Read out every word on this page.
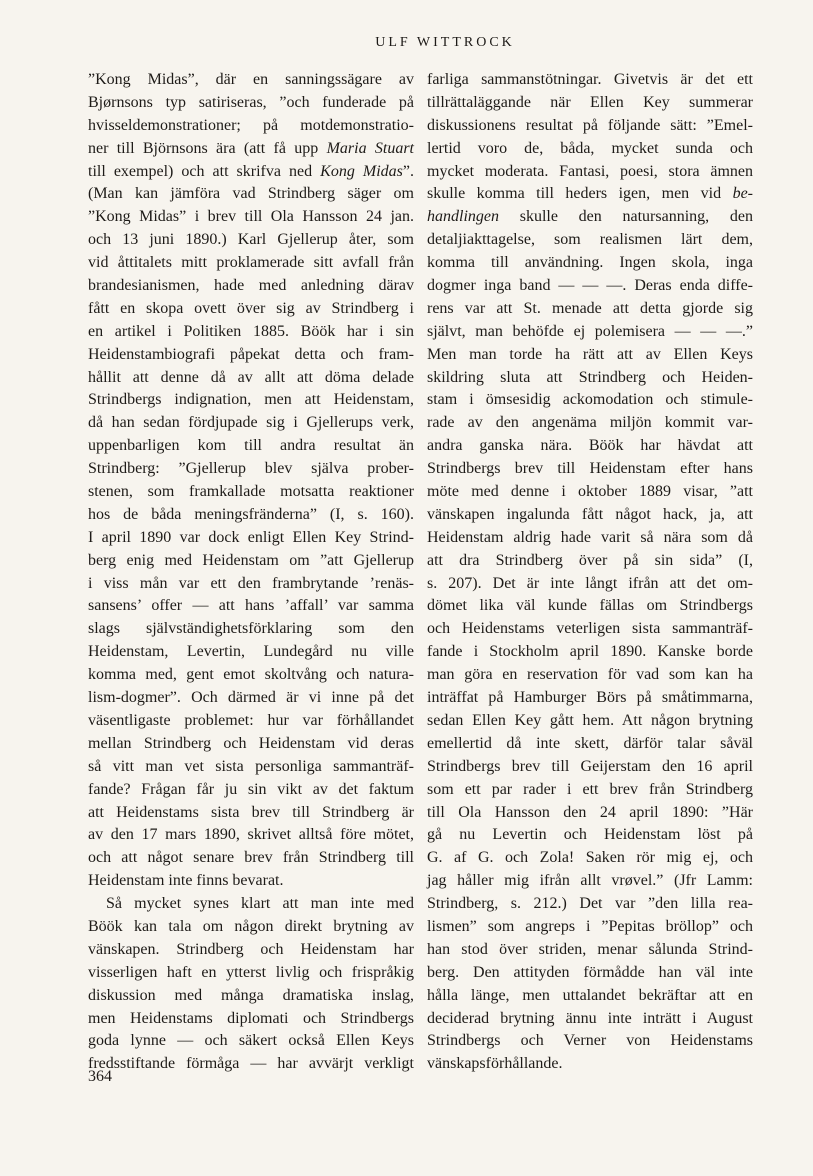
ULF WITTROCK
”Kong Midas”, där en sanningssägare av
Bjørnsons typ satiriseras, ”och funderade på
hvisseldemonstrationer; på motdemonstratio-
ner till Björnsons ära (att få upp Maria Stuart
till exempel) och att skrifva ned Kong Midas”.
(Man kan jämföra vad Strindberg säger om
”Kong Midas” i brev till Ola Hansson 24 jan.
och 13 juni 1890.) Karl Gjellerup åter, som
vid åttitalets mitt proklamerade sitt avfall från
brandesianismen, hade med anledning därav
fått en skopa ovett över sig av Strindberg i
en artikel i Politiken 1885. Böök har i sin
Heidenstambiografi påpekat detta och fram-
hållit att denne då av allt att döma delade
Strindbergs indignation, men att Heidenstam,
då han sedan fördjupade sig i Gjellerups verk,
uppenbarligen kom till andra resultat än
Strindberg: ”Gjellerup blev själva prober-
stenen, som framkallade motsatta reaktioner
hos de båda meningsfränderna” (I, s. 160).
I april 1890 var dock enligt Ellen Key Strind-
berg enig med Heidenstam om ”att Gjellerup
i viss mån var ett den frambrytande ’renäs-
sansens’ offer — att hans ’affall’ var samma
slags självständighetsförklaring som den
Heidenstam, Levertin, Lundegård nu ville
komma med, gent emot skoltvång och natura-
lism-dogmer”. Och därmed är vi inne på det
väsentligaste problemet: hur var förhållandet
mellan Strindberg och Heidenstam vid deras
så vitt man vet sista personliga sammanträf-
fande? Frågan får ju sin vikt av det faktum
att Heidenstams sista brev till Strindberg är
av den 17 mars 1890, skrivet alltså före mötet,
och att något senare brev från Strindberg till
Heidenstam inte finns bevarat.
Så mycket synes klart att man inte med
Böök kan tala om någon direkt brytning av
vänskapen. Strindberg och Heidenstam har
visserligen haft en ytterst livlig och frispråkig
diskussion med många dramatiska inslag,
men Heidenstams diplomati och Strindbergs
goda lynne — och säkert också Ellen Keys
fredsstiftande förmåga — har avvärjt verkligt
farliga sammanstötningar. Givetvis är det ett
tillrättaläggande när Ellen Key summerar
diskussionens resultat på följande sätt: ”Emel-
lertid voro de, båda, mycket sunda och
mycket moderata. Fantasi, poesi, stora ämnen
skulle komma till heders igen, men vid be-
handlingen skulle den natursanning, den
detaljiakttagelse, som realismen lärt dem,
komma till användning. Ingen skola, inga
dogmer inga band — — —. Deras enda diffe-
rens var att St. menade att detta gjorde sig
självt, man behöfde ej polemisera — — —.”
Men man torde ha rätt att av Ellen Keys
skildring sluta att Strindberg och Heiden-
stam i ömsesidig ackomodation och stimule-
rade av den angenäma miljön kommit var-
andra ganska nära. Böök har hävdat att
Strindbergs brev till Heidenstam efter hans
möte med denne i oktober 1889 visar, ”att
vänskapen ingalunda fått något hack, ja, att
Heidenstam aldrig hade varit så nära som då
att dra Strindberg över på sin sida” (I,
s. 207). Det är inte långt ifrån att det om-
dömet lika väl kunde fällas om Strindbergs
och Heidenstams veterligen sista sammanträf-
fande i Stockholm april 1890. Kanske borde
man göra en reservation för vad som kan ha
inträffat på Hamburger Börs på småtimmarna,
sedan Ellen Key gått hem. Att någon brytning
emellertid då inte skett, därför talar såväl
Strindbergs brev till Geijerstam den 16 april
som ett par rader i ett brev från Strindberg
till Ola Hansson den 24 april 1890: ”Här
gå nu Levertin och Heidenstam löst på
G. af G. och Zola! Saken rör mig ej, och
jag håller mig ifrån allt vrøvel.” (Jfr Lamm:
Strindberg, s. 212.) Det var ”den lilla rea-
lismen” som angreps i ”Pepitas bröllop” och
han stod över striden, menar sålunda Strind-
berg. Den attityden förmådde han väl inte
hålla länge, men uttalandet bekräftar att en
deciderad brytning ännu inte inträtt i August
Strindbergs och Verner von Heidenstams
vänskapsförhållande.
364
